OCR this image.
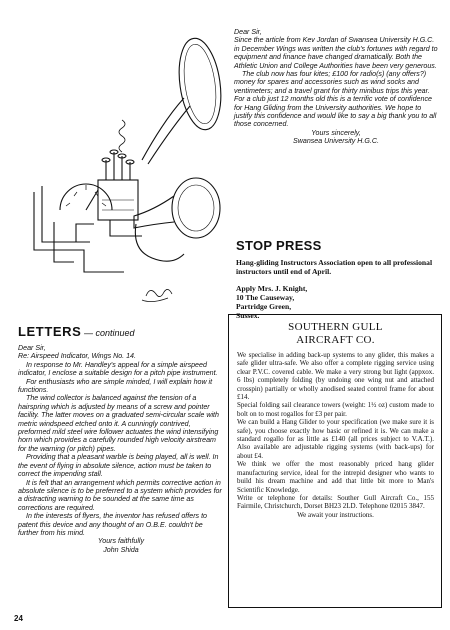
Dear Sir,

Since the article from Kev Jordan of Swansea University H.G.C. in December Wings was written the club's fortunes with regard to equipment and finance have changed dramatically. Both the Athletic Union and College Authorities have been very generous.

The club now has four kites; £100 for radio(s) (any offers?) money for spares and accessories such as wind socks and ventimeters; and a travel grant for thirty minibus trips this year. For a club just 12 months old this is a terrific vote of confidence for Hang Gliding from the University authorities. We hope to justify this confidence and would like to say a big thank you to all those concerned.

Yours sincerely,

Swansea University H.G.C.

STOP PRESS
Hang-gliding Instructors Association open to all professional instructors until end of April.
Apply Mrs. J. Knight,
10 The Causeway,
Partridge Green,
Sussex.
LETTERS — continued

Dear Sir,

Re: Airspeed Indicator, Wings No. 14.

In response to Mr. Handley's appeal for a simple airspeed indicator, I enclose a suitable design for a pitch pipe instrument.

For enthusiasts who are simple minded, I will explain how it functions.

The wind collector is balanced against the tension of a hairspring which is adjusted by means of a screw and pointer facility. The latter moves on a graduated semi-circular scale with metric windspeed etched onto it. A cunningly contrived, preformed mild steel wire follower actuates the wind intensifying horn which provides a carefully rounded high velocity airstream for the warning (or pitch) pipes.

Providing that a pleasant warble is being played, all is well. In the event of flying in absolute silence, action must be taken to correct the impending stall.

It is felt that an arrangement which permits corrective action in absolute silence is to be preferred to a system which provides for a distracting warning to be sounded at the same time as corrections are required.

In the interests of flyers, the inventor has refused offers to patent this device and any thought of an O.B.E. couldn't be further from his mind.

Yours faithfully

John Shida

SOUTHERN GULL
AIRCRAFT CO.

We specialise in adding back-up systems to any glider, this makes a safe glider ultra-safe. We also offer a complete rigging service using clear P.V.C. covered cable. We make a very strong but light (appxox. 6 lbs) completely folding (by undoing one wing nut and attached crosspin) partially or wholly anodised seated control frame for about £14.

Special folding sail clearance towers (weight: 1½ oz) custom made to bolt on to most rogallos for £3 per pair.

We can build a Hang Glider to your specification (we make sure it is safe), you choose exactly how basic or refined it is. We can make a standard rogallo for as little as £140 (all prices subject to V.A.T.). Also available are adjustable rigging systems (with back-ups) for about £4.

We think we offer the most reasonably priced hang glider manufacturing service, ideal for the intrepid designer who wants to build his dream machine and add that little bit more to Man's Scientific Knowledge.

Write or telephone for details: Souther Gull Aircraft Co., 155 Fairmile, Christchurch, Dorset BH23 2LD. Telephone 02015 3847.

We await your instructions.

24
